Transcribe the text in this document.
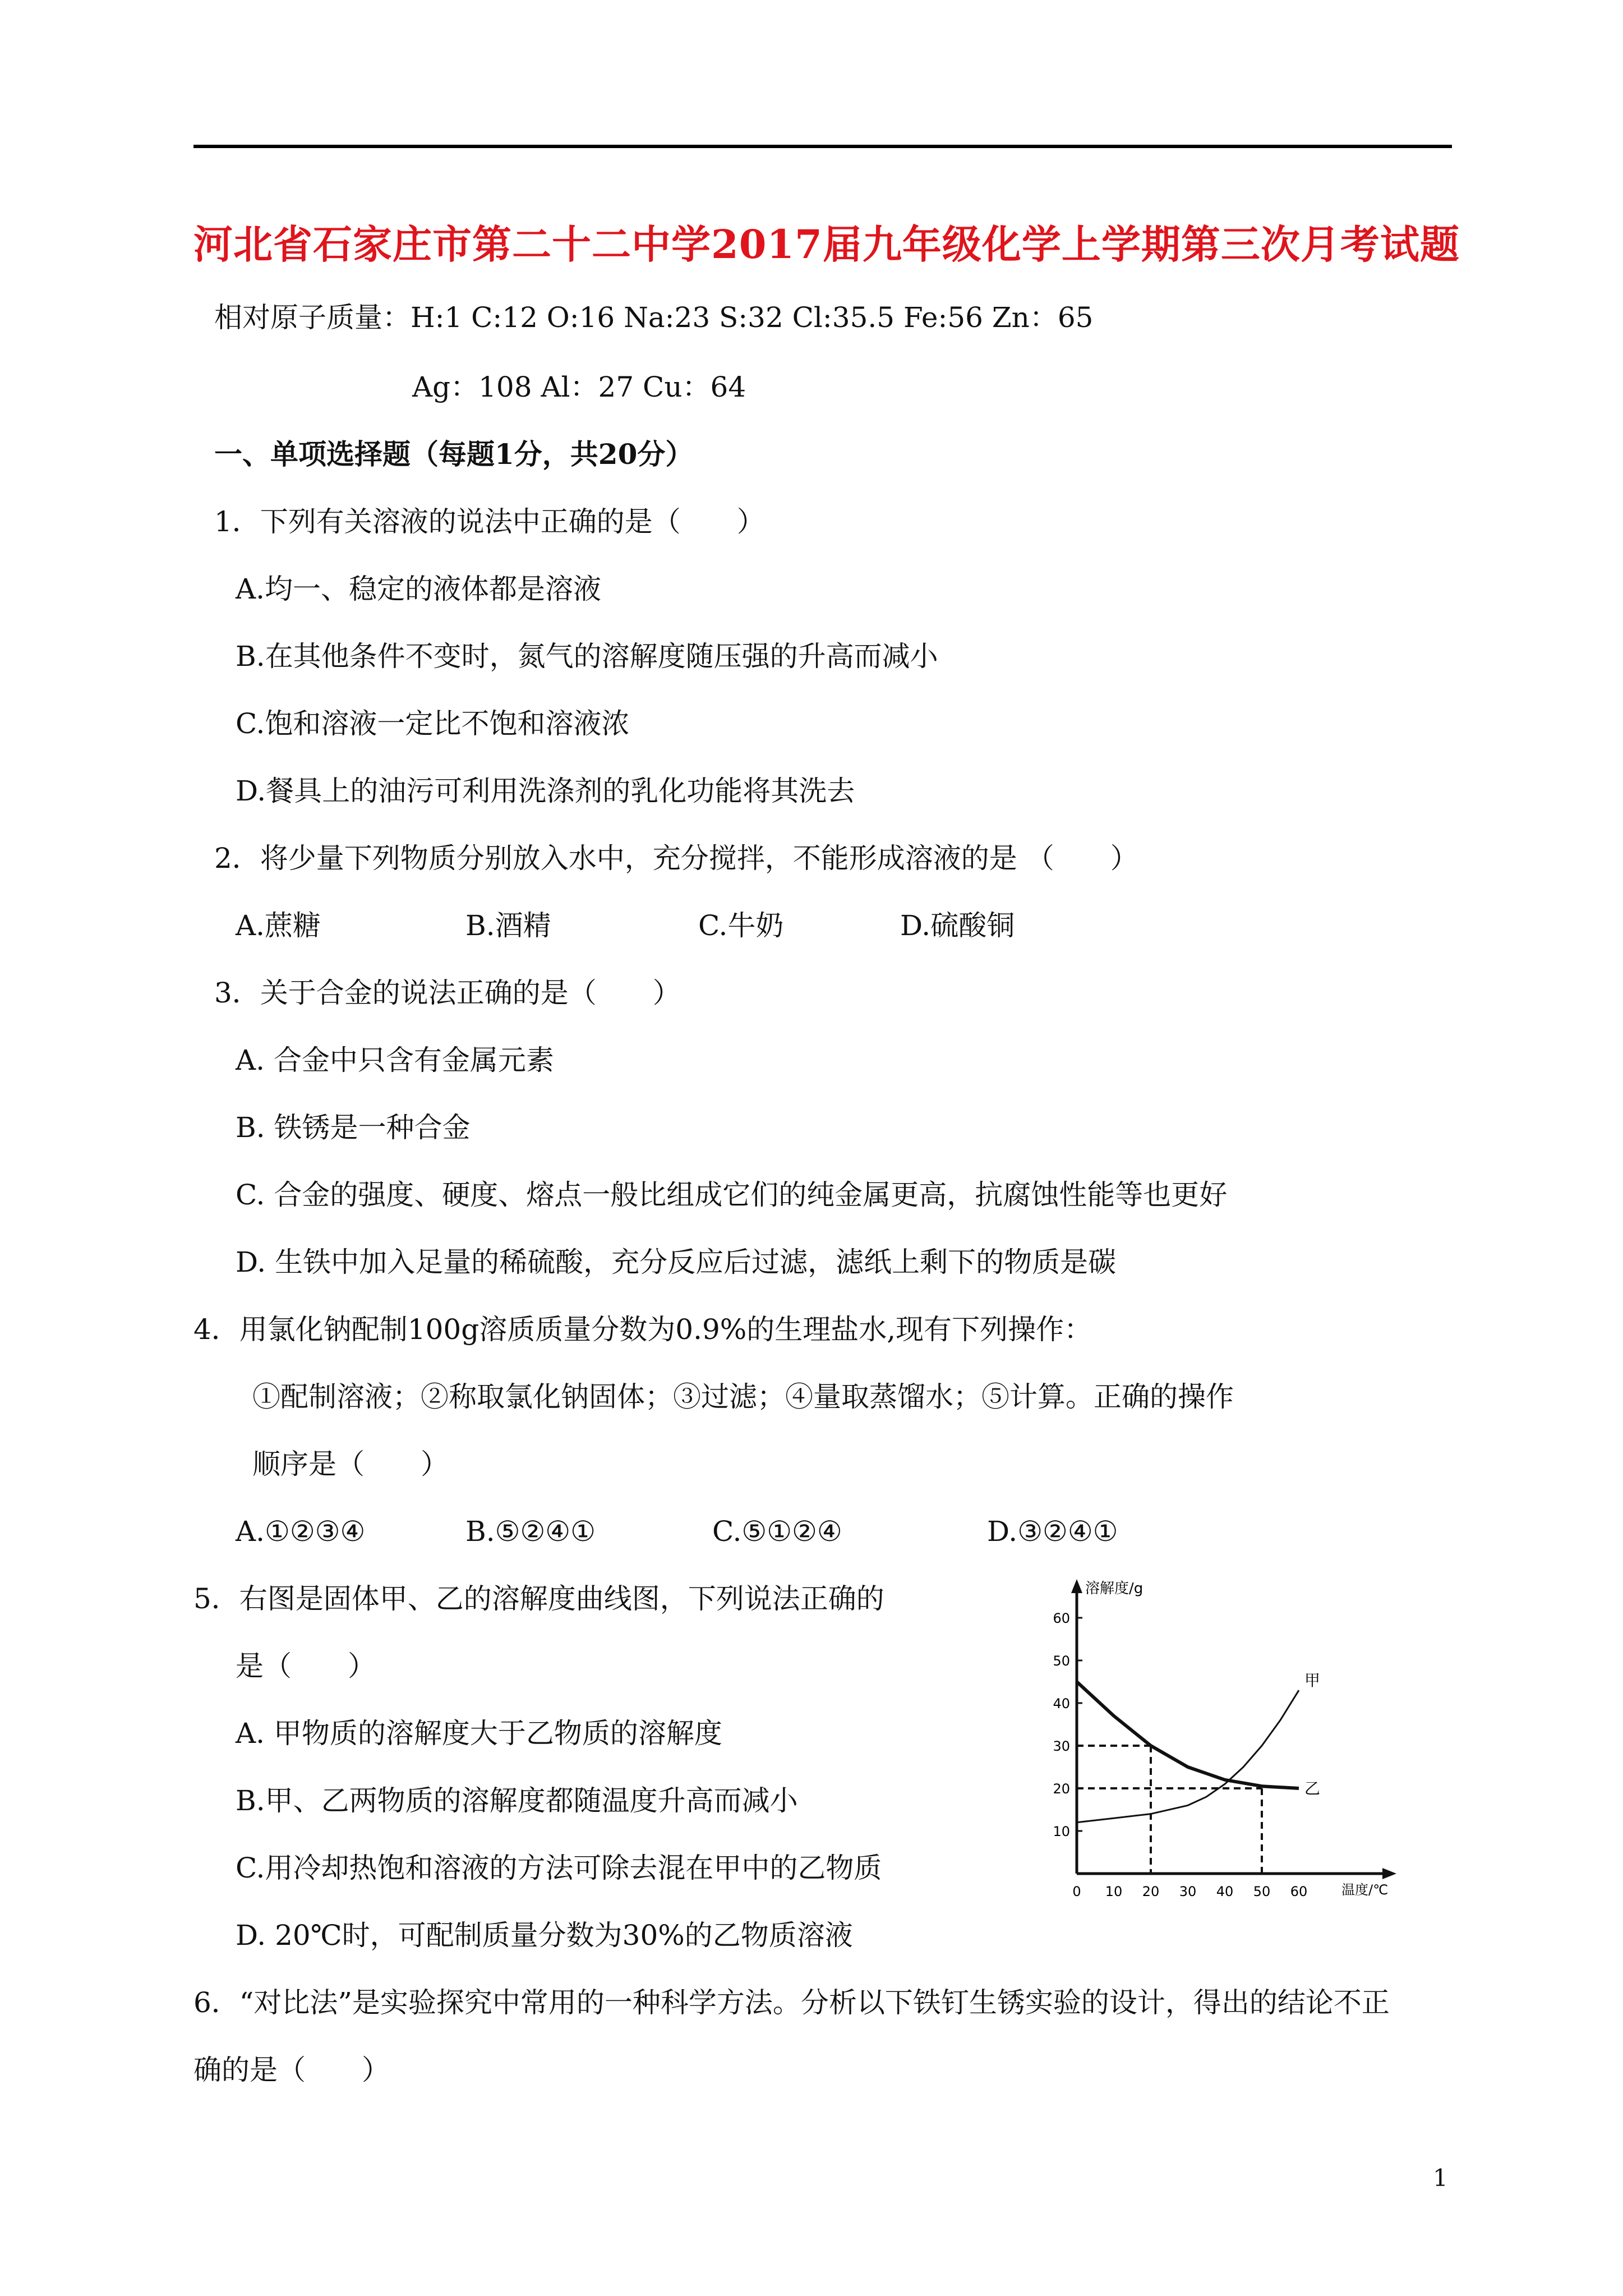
河北省石家庄市第二十二中学2017届九年级化学上学期第三次月考试题
相对原子质量：H:1 C:12 O:16 Na:23 S:32 Cl:35.5 Fe:56 Zn：65
Ag：108 Al：27 Cu：64
一、单项选择题（每题1分，共20分）
1．下列有关溶液的说法中正确的是（　　）
A.均一、稳定的液体都是溶液
B.在其他条件不变时，氮气的溶解度随压强的升高而减小
C.饱和溶液一定比不饱和溶液浓
D.餐具上的油污可利用洗涤剂的乳化功能将其洗去
2．将少量下列物质分别放入水中，充分搅拌，不能形成溶液的是 （　　）
A.蔗糖	B.酒精	C.牛奶	D.硫酸铜
3．关于合金的说法正确的是（　　）
A. 合金中只含有金属元素
B. 铁锈是一种合金
C. 合金的强度、硬度、熔点一般比组成它们的纯金属更高，抗腐蚀性能等也更好
D. 生铁中加入足量的稀硫酸，充分反应后过滤，滤纸上剩下的物质是碳
4．用氯化钠配制100g溶质质量分数为0.9%的生理盐水,现有下列操作：
①配制溶液；②称取氯化钠固体；③过滤；④量取蒸馏水；⑤计算。正确的操作
顺序是（　　）
A.①②③④	B.⑤②④①	C.⑤①②④	D.③②④①
5．右图是固体甲、乙的溶解度曲线图，下列说法正确的
是（　　）
A. 甲物质的溶解度大于乙物质的溶解度
B.甲、乙两物质的溶解度都随温度升高而减小
C.用冷却热饱和溶液的方法可除去混在甲中的乙物质
D. 20℃时，可配制质量分数为30%的乙物质溶液
6．“对比法”是实验探究中常用的一种科学方法。分析以下铁钉生锈实验的设计，得出的结论不正
确的是（　　）
溶解度/g
温度/℃
0 10 20 30 40 50 60
10
20
30
40
50
60
甲
乙
1
